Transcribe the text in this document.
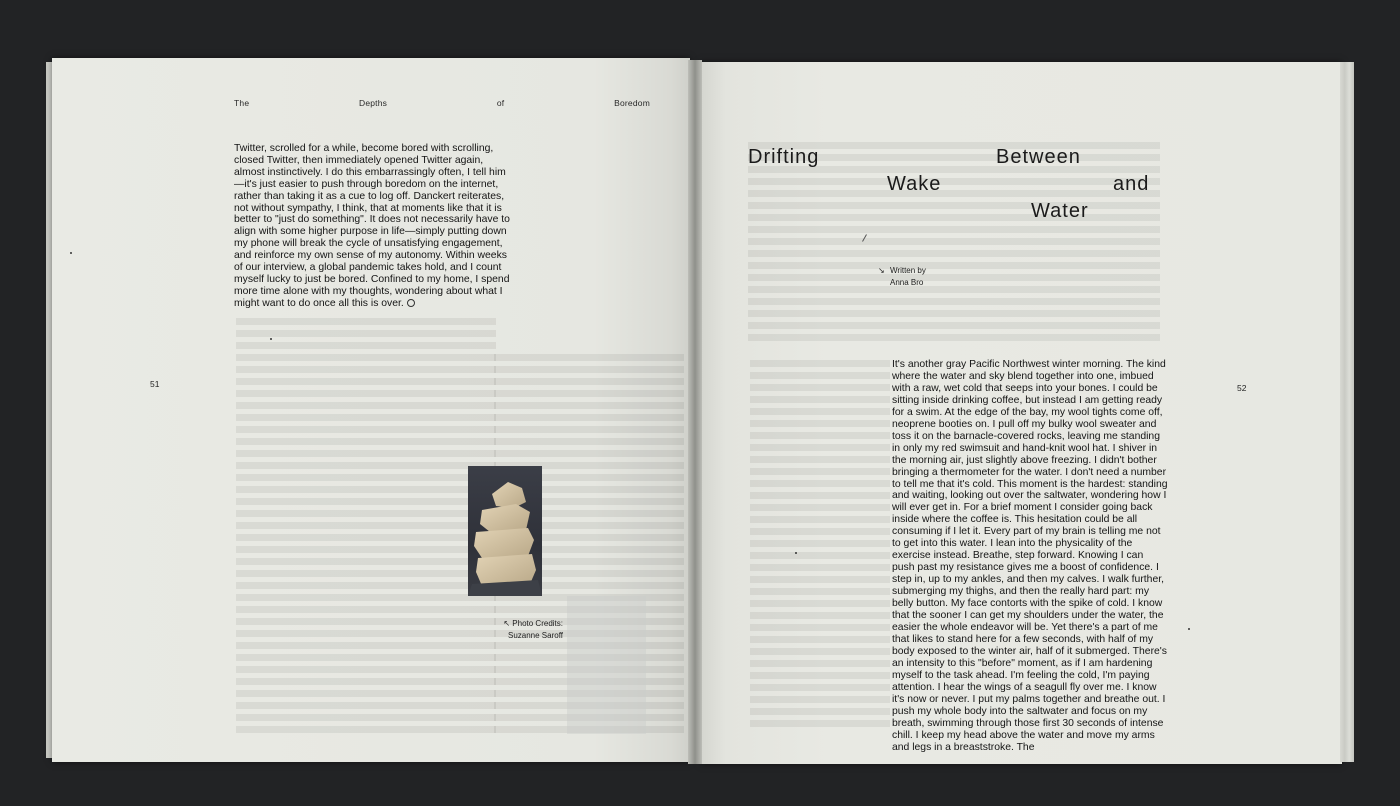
The	Depths	of	Boredom

Twitter, scrolled for a while, become bored with scrolling, closed Twitter, then immediately opened Twitter again, almost instinctively. I do this embarrassingly often, I tell him—it's just easier to push through boredom on the internet, rather than taking it as a cue to log off. Danckert reiterates, not without sympathy, I think, that at moments like that it is better to "just do something". It does not necessarily have to align with some higher purpose in life—simply putting down my phone will break the cycle of unsatisfying engagement, and reinforce my own sense of my autonomy. Within weeks of our interview, a global pandemic takes hold, and I count myself lucky to just be bored. Confined to my home, I spend more time alone with my thoughts, wondering about what I might want to do once all this is over.

51
↖ Photo Credits:
Suzanne Saroff
Drifting	Between
Wake	and
Water
↘ Written by
Anna Bro
52

It's another gray Pacific Northwest winter morning. The kind where the water and sky blend together into one, imbued with a raw, wet cold that seeps into your bones. I could be sitting inside drinking coffee, but instead I am getting ready for a swim. At the edge of the bay, my wool tights come off, neoprene booties on. I pull off my bulky wool sweater and toss it on the barnacle-covered rocks, leaving me standing in only my red swimsuit and hand-knit wool hat. I shiver in the morning air, just slightly above freezing. I didn't bother bringing a thermometer for the water. I don't need a number to tell me that it's cold. This moment is the hardest: standing and waiting, looking out over the saltwater, wondering how I will ever get in. For a brief moment I consider going back inside where the coffee is. This hesitation could be all consuming if I let it. Every part of my brain is telling me not to get into this water. I lean into the physicality of the exercise instead. Breathe, step forward. Knowing I can push past my resistance gives me a boost of confidence. I step in, up to my ankles, and then my calves. I walk further, submerging my thighs, and then the really hard part: my belly button. My face contorts with the spike of cold. I know that the sooner I can get my shoulders under the water, the easier the whole endeavor will be. Yet there's a part of me that likes to stand here for a few seconds, with half of my body exposed to the winter air, half of it submerged. There's an intensity to this "before" moment, as if I am hardening myself to the task ahead. I'm feeling the cold, I'm paying attention. I hear the wings of a seagull fly over me. I know it's now or never. I put my palms together and breathe out. I push my whole body into the saltwater and focus on my breath, swimming through those first 30 seconds of intense chill. I keep my head above the water and move my arms and legs in a breaststroke. The
